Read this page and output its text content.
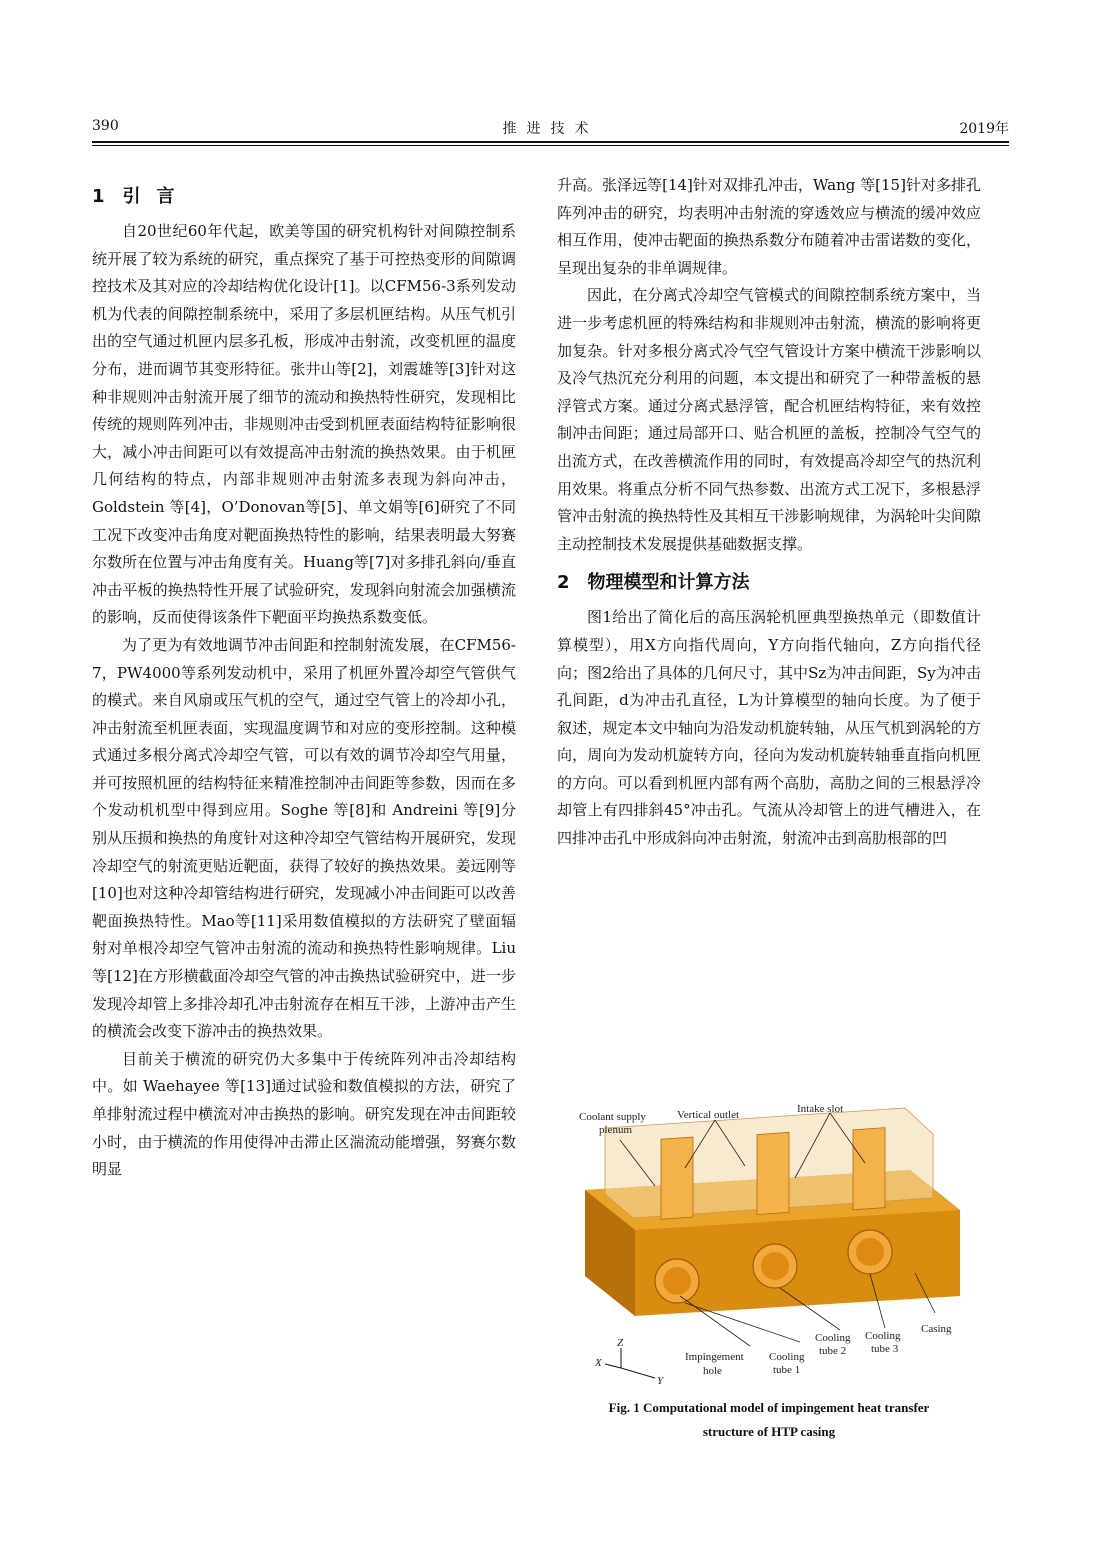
390	推进技术	2019年
1 引言

自20世纪60年代起，欧美等国的研究机构针对间隙控制系统开展了较为系统的研究，重点探究了基于可控热变形的间隙调控技术及其对应的冷却结构优化设计[1]。以CFM56-3系列发动机为代表的间隙控制系统中，采用了多层机匣结构。从压气机引出的空气通过机匣内层多孔板，形成冲击射流，改变机匣的温度分布，进而调节其变形特征。张井山等[2]，刘震雄等[3]针对这种非规则冲击射流开展了细节的流动和换热特性研究，发现相比传统的规则阵列冲击，非规则冲击受到机匣表面结构特征影响很大，减小冲击间距可以有效提高冲击射流的换热效果。由于机匣几何结构的特点，内部非规则冲击射流多表现为斜向冲击，Goldstein 等[4]，O’Donovan等[5]、单文娟等[6]研究了不同工况下改变冲击角度对靶面换热特性的影响，结果表明最大努赛尔数所在位置与冲击角度有关。Huang等[7]对多排孔斜向/垂直冲击平板的换热特性开展了试验研究，发现斜向射流会加强横流的影响，反而使得该条件下靶面平均换热系数变低。

为了更为有效地调节冲击间距和控制射流发展，在CFM56-7，PW4000等系列发动机中，采用了机匣外置冷却空气管供气的模式。来自风扇或压气机的空气，通过空气管上的冷却小孔，冲击射流至机匣表面，实现温度调节和对应的变形控制。这种模式通过多根分离式冷却空气管，可以有效的调节冷却空气用量，并可按照机匣的结构特征来精准控制冲击间距等参数，因而在多个发动机机型中得到应用。Soghe 等[8]和 Andreini 等[9]分别从压损和换热的角度针对这种冷却空气管结构开展研究，发现冷却空气的射流更贴近靶面，获得了较好的换热效果。姜远刚等[10]也对这种冷却管结构进行研究，发现减小冲击间距可以改善靶面换热特性。Mao等[11]采用数值模拟的方法研究了壁面辐射对单根冷却空气管冲击射流的流动和换热特性影响规律。Liu 等[12]在方形横截面冷却空气管的冲击换热试验研究中，进一步发现冷却管上多排冷却孔冲击射流存在相互干涉，上游冲击产生的横流会改变下游冲击的换热效果。

目前关于横流的研究仍大多集中于传统阵列冲击冷却结构中。如 Waehayee 等[13]通过试验和数值模拟的方法，研究了单排射流过程中横流对冲击换热的影响。研究发现在冲击间距较小时，由于横流的作用使得冲击滞止区湍流动能增强，努赛尔数明显

升高。张泽远等[14]针对双排孔冲击，Wang 等[15]针对多排孔阵列冲击的研究，均表明冲击射流的穿透效应与横流的缓冲效应相互作用，使冲击靶面的换热系数分布随着冲击雷诺数的变化，呈现出复杂的非单调规律。

因此，在分离式冷却空气管模式的间隙控制系统方案中，当进一步考虑机匣的特殊结构和非规则冲击射流，横流的影响将更加复杂。针对多根分离式冷气空气管设计方案中横流干涉影响以及冷气热沉充分利用的问题，本文提出和研究了一种带盖板的悬浮管式方案。通过分离式悬浮管，配合机匣结构特征，来有效控制冲击间距；通过局部开口、贴合机匣的盖板，控制冷气空气的出流方式，在改善横流作用的同时，有效提高冷却空气的热沉利用效果。将重点分析不同气热参数、出流方式工况下，多根悬浮管冲击射流的换热特性及其相互干涉影响规律，为涡轮叶尖间隙主动控制技术发展提供基础数据支撑。

2 物理模型和计算方法

图1给出了简化后的高压涡轮机匣典型换热单元（即数值计算模型），用X方向指代周向，Y方向指代轴向，Z方向指代径向；图2给出了具体的几何尺寸，其中Sz为冲击间距，Sy为冲击孔间距，d为冲击孔直径，L为计算模型的轴向长度。为了便于叙述，规定本文中轴向为沿发动机旋转轴，从压气机到涡轮的方向，周向为发动机旋转方向，径向为发动机旋转轴垂直指向机匣的方向。可以看到机匣内部有两个高肋，高肋之间的三根悬浮冷却管上有四排斜45°冲击孔。气流从冷却管上的进气槽进入，在四排冲击孔中形成斜向冲击射流，射流冲击到高肋根部的凹

Coolant supply
plenum
Vertical outlet	Intake slot
Casing
Cooling
tube 3
Cooling
tube 2
Cooling
tube 1
Impingement
hole
Z
X
Y
Fig. 1 Computational model of impingement heat transfer
structure of HTP casing
